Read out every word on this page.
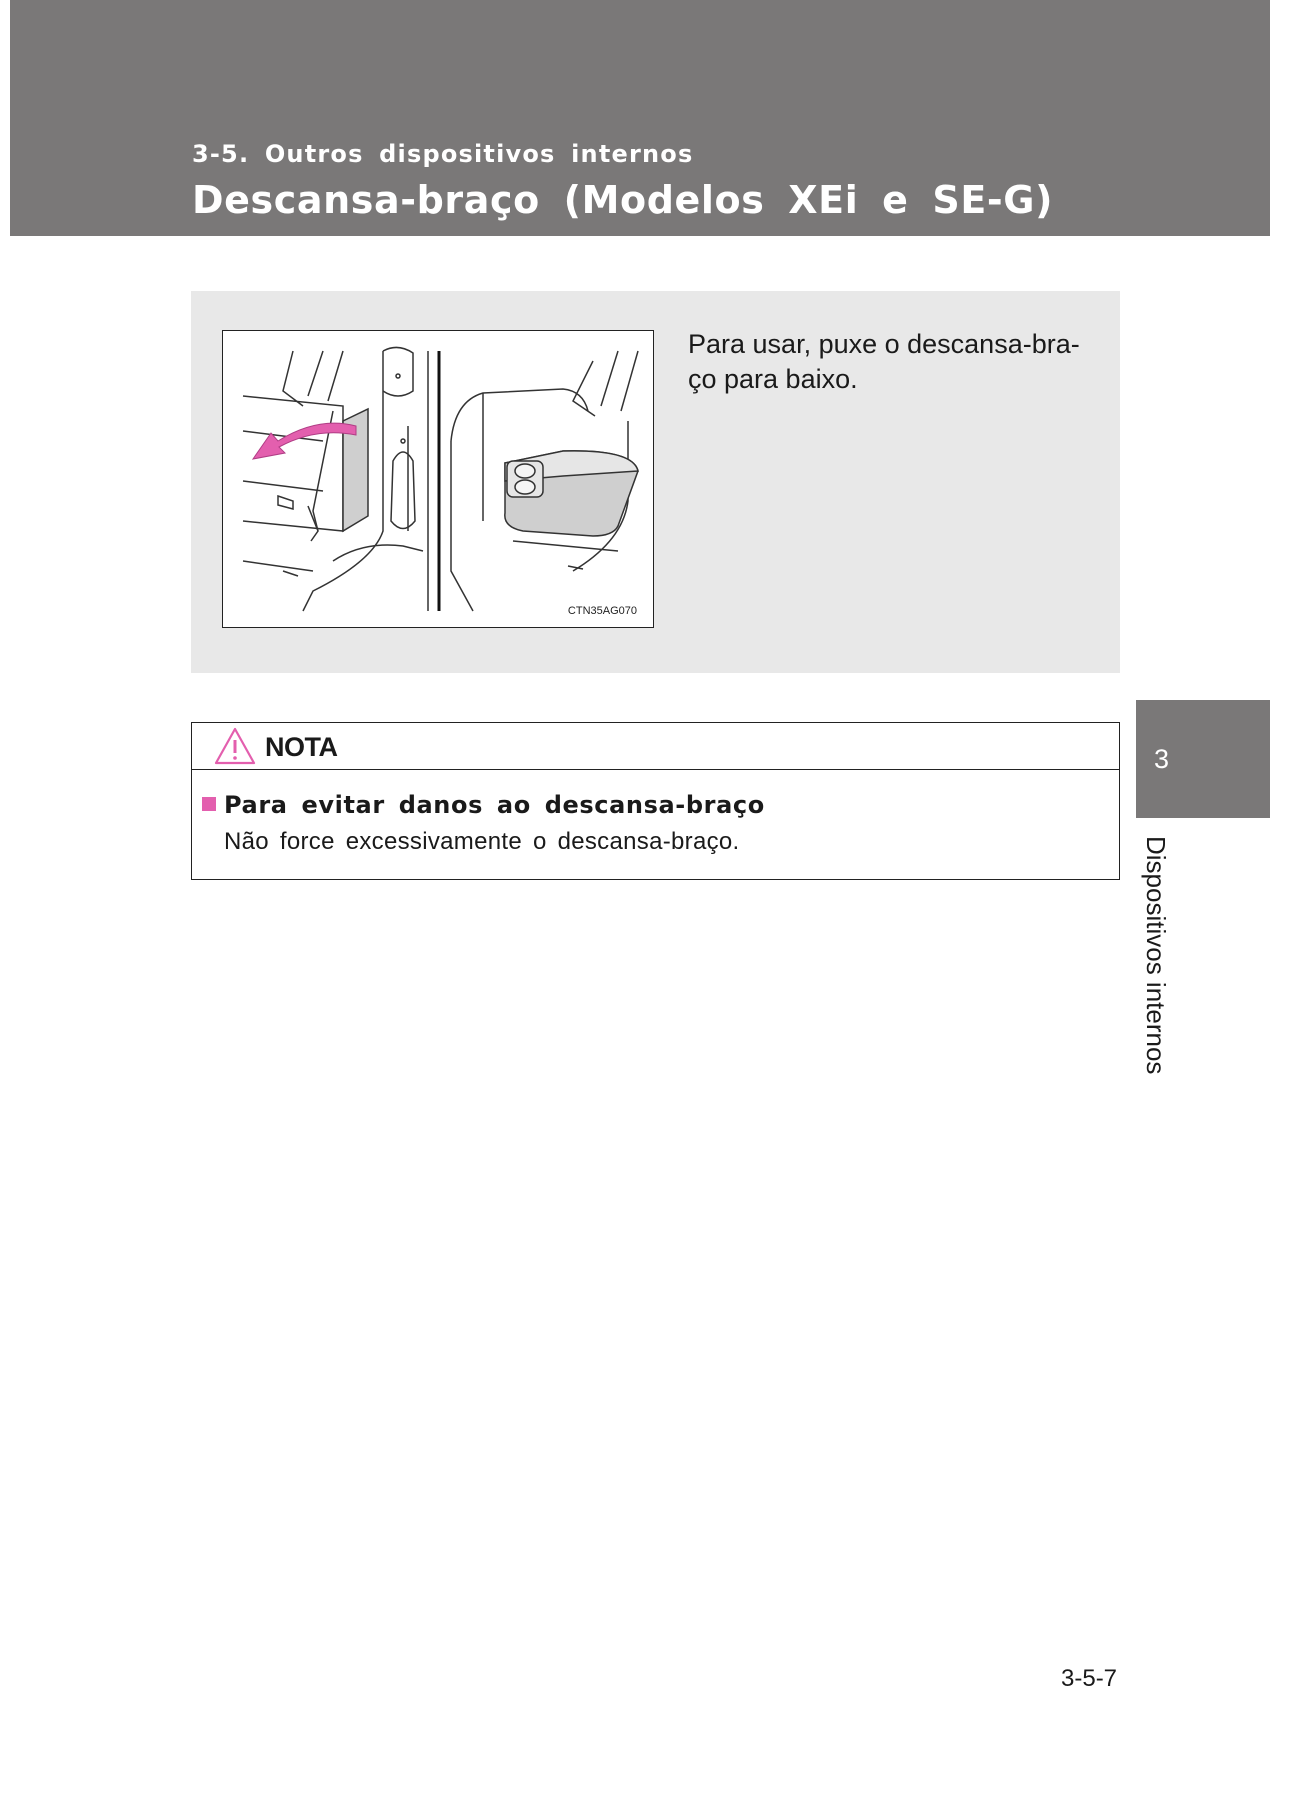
3-5. Outros dispositivos internos
Descansa-braço (Modelos XEi e SE-G)
CTN35AG070
Para usar, puxe o descansa-bra-
ço para baixo.
NOTA
Para evitar danos ao descansa-braço
Não force excessivamente o descansa-braço.
3
Dispositivos internos
3-5-7
